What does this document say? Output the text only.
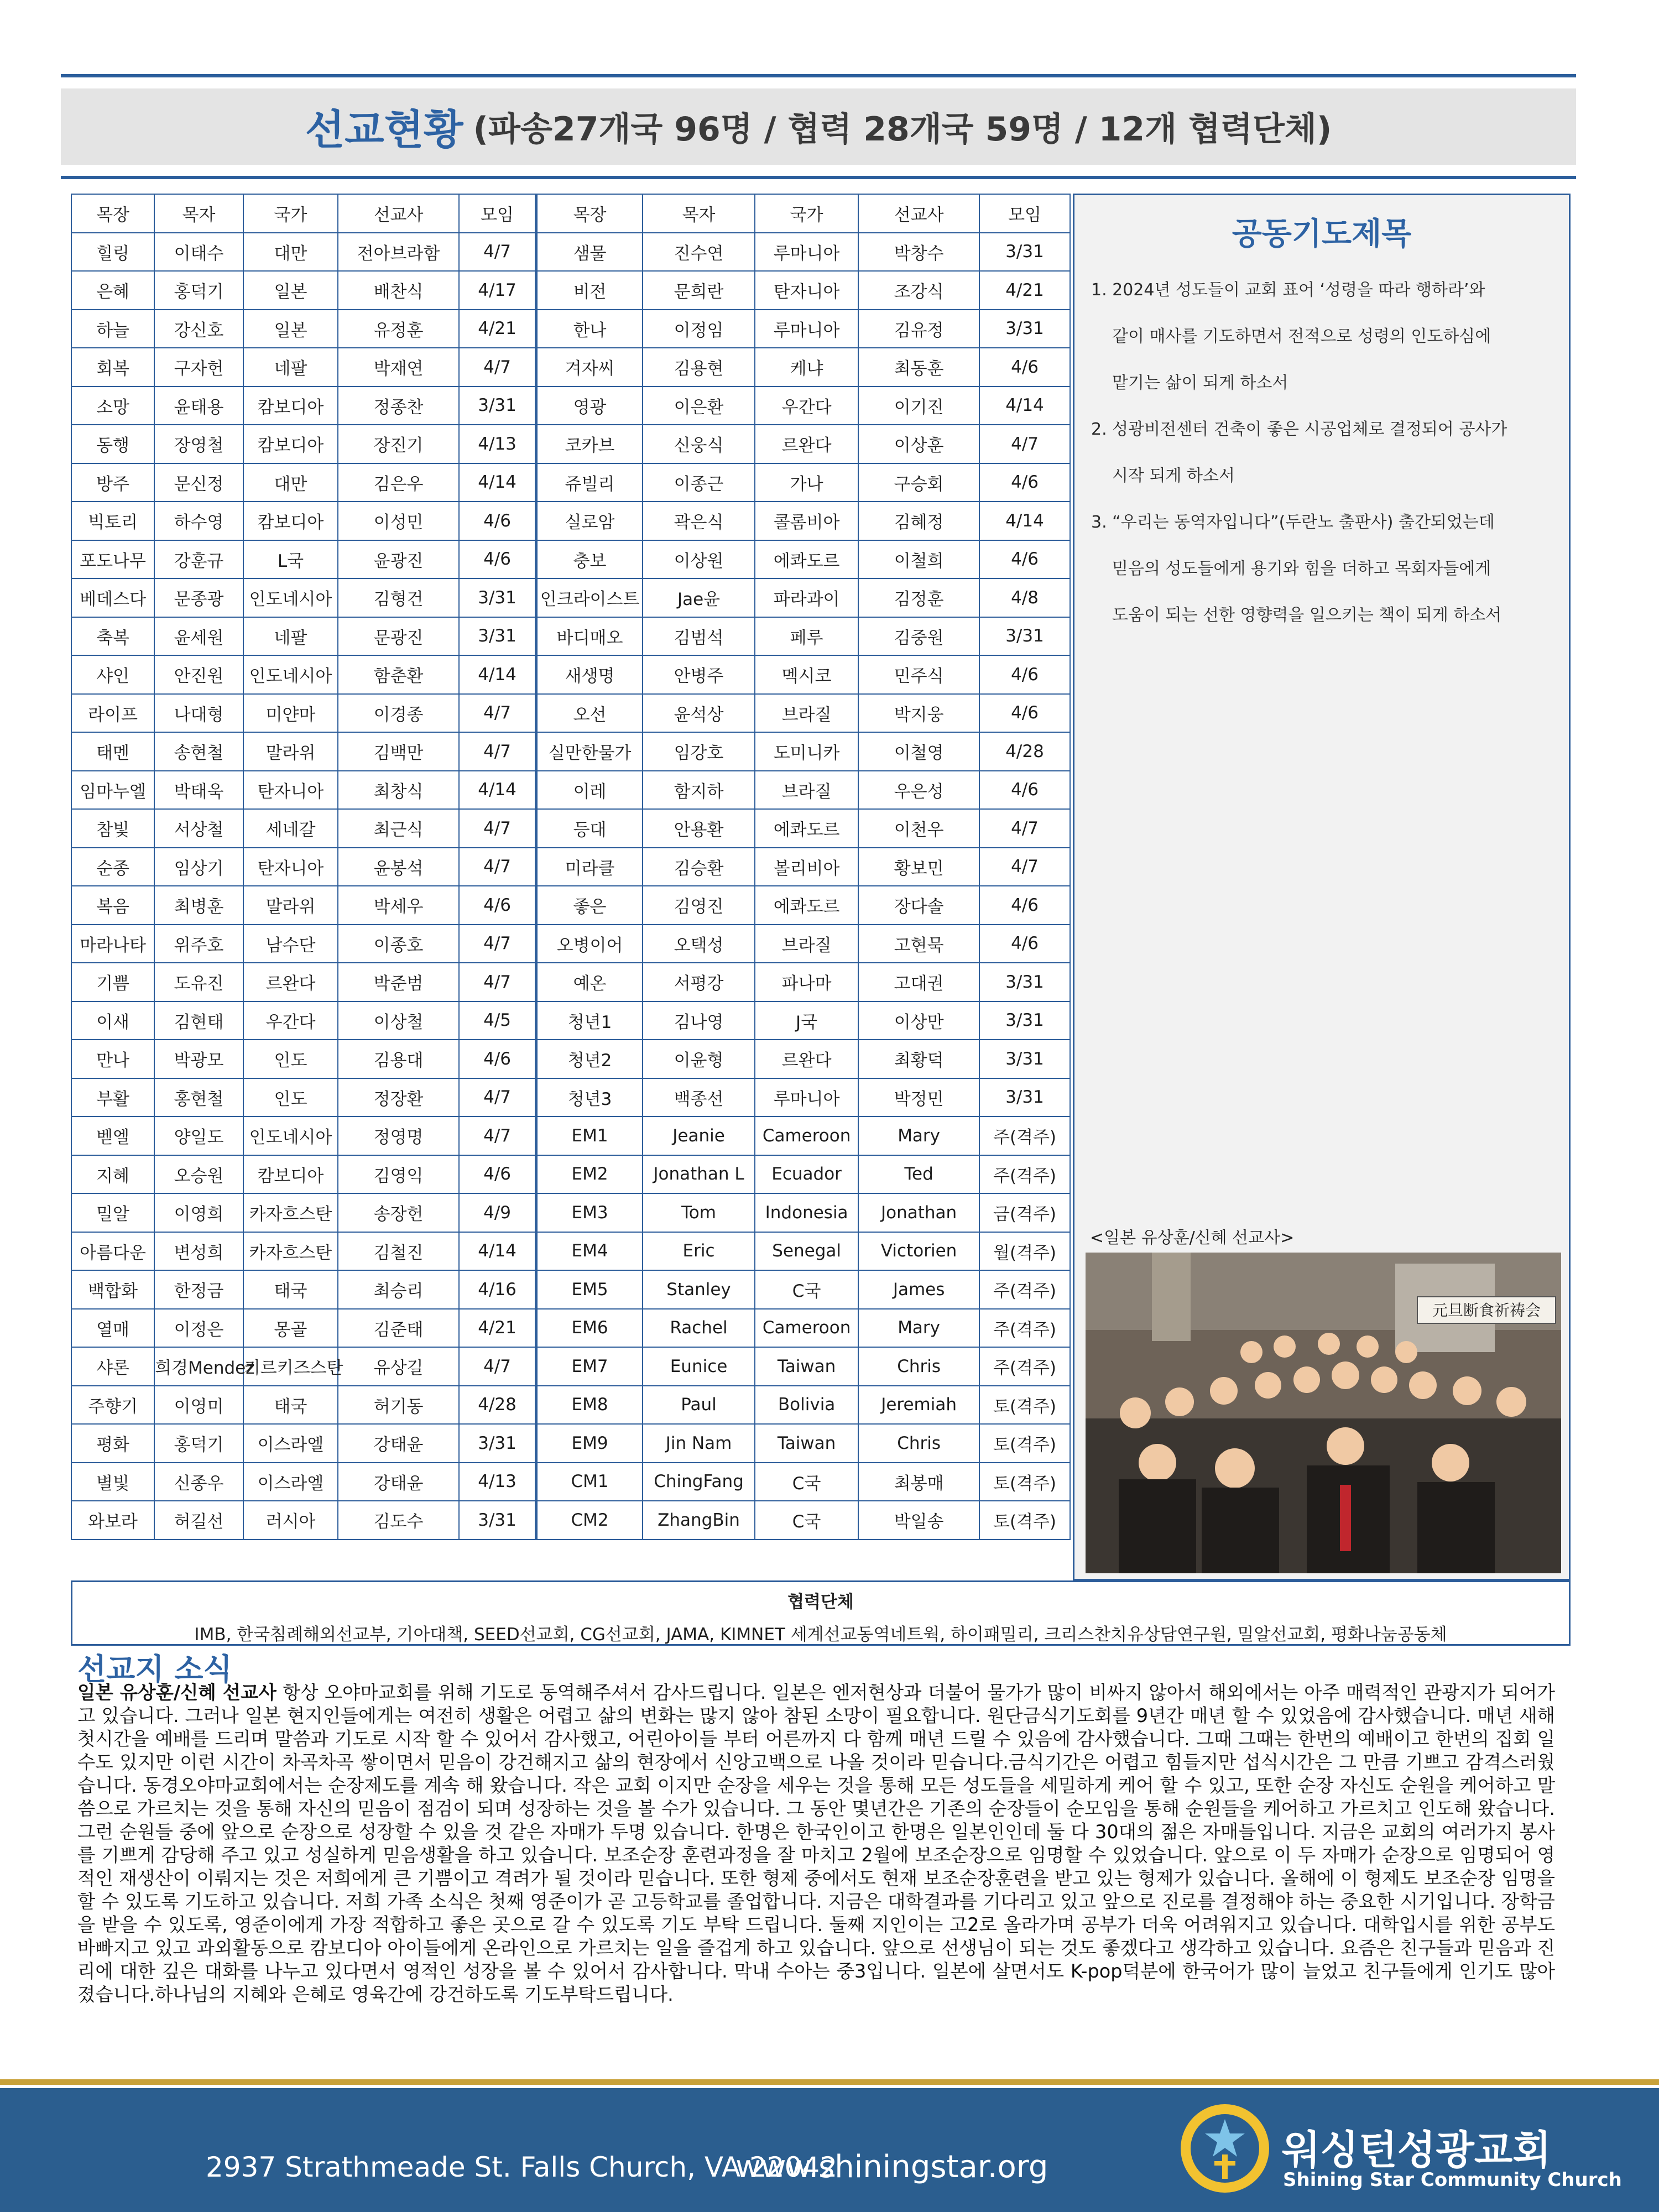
선교현황 (파송27개국 96명 / 협력 28개국 59명 / 12개 협력단체)
목장	목자	국가	선교사	모임	목장	목자	국가	선교사	모임
힐링	이태수	대만	전아브라함	4/7	샘물	진수연	루마니아	박창수	3/31
은혜	홍덕기	일본	배찬식	4/17	비전	문희란	탄자니아	조강식	4/21
하늘	강신호	일본	유정훈	4/21	한나	이정임	루마니아	김유정	3/31
회복	구자헌	네팔	박재연	4/7	겨자씨	김용현	케냐	최동훈	4/6
소망	윤태용	캄보디아	정종찬	3/31	영광	이은환	우간다	이기진	4/14
동행	장영철	캄보디아	장진기	4/13	코카브	신웅식	르완다	이상훈	4/7
방주	문신정	대만	김은우	4/14	쥬빌리	이종근	가나	구승회	4/6
빅토리	하수영	캄보디아	이성민	4/6	실로암	곽은식	콜롬비아	김혜정	4/14
포도나무	강훈규	L국	윤광진	4/6	충보	이상원	에콰도르	이철희	4/6
베데스다	문종광	인도네시아	김형건	3/31	인크라이스트	Jae윤	파라과이	김정훈	4/8
축복	윤세원	네팔	문광진	3/31	바디매오	김범석	페루	김중원	3/31
샤인	안진원	인도네시아	함춘환	4/14	새생명	안병주	멕시코	민주식	4/6
라이프	나대형	미얀마	이경종	4/7	오선	윤석상	브라질	박지웅	4/6
태멘	송현철	말라위	김백만	4/7	실만한물가	임강호	도미니카	이철영	4/28
임마누엘	박태욱	탄자니아	최창식	4/14	이레	함지하	브라질	우은성	4/6
참빛	서상철	세네갈	최근식	4/7	등대	안용환	에콰도르	이천우	4/7
순종	임상기	탄자니아	윤봉석	4/7	미라클	김승환	볼리비아	황보민	4/7
복음	최병훈	말라위	박세우	4/6	좋은	김영진	에콰도르	장다솔	4/6
마라나타	위주호	남수단	이종호	4/7	오병이어	오택성	브라질	고현묵	4/6
기쁨	도유진	르완다	박준범	4/7	예온	서평강	파나마	고대권	3/31
이새	김현태	우간다	이상철	4/5	청년1	김나영	J국	이상만	3/31
만나	박광모	인도	김용대	4/6	청년2	이윤형	르완다	최황덕	3/31
부활	홍현철	인도	정장환	4/7	청년3	백종선	루마니아	박정민	3/31
벧엘	양일도	인도네시아	정영명	4/7	EM1	Jeanie	Cameroon	Mary	주(격주)
지혜	오승원	캄보디아	김영익	4/6	EM2	Jonathan L	Ecuador	Ted	주(격주)
밀알	이영희	카자흐스탄	송장헌	4/9	EM3	Tom	Indonesia	Jonathan	금(격주)
아름다운	변성희	카자흐스탄	김철진	4/14	EM4	Eric	Senegal	Victorien	월(격주)
백합화	한정금	태국	최승리	4/16	EM5	Stanley	C국	James	주(격주)
열매	이정은	몽골	김준태	4/21	EM6	Rachel	Cameroon	Mary	주(격주)
샤론	희경Mendez	키르키즈스탄	유상길	4/7	EM7	Eunice	Taiwan	Chris	주(격주)
주향기	이영미	태국	허기동	4/28	EM8	Paul	Bolivia	Jeremiah	토(격주)
평화	홍덕기	이스라엘	강태윤	3/31	EM9	Jin Nam	Taiwan	Chris	토(격주)
별빛	신종우	이스라엘	강태윤	4/13	CM1	ChingFang	C국	최봉매	토(격주)
와보라	허길선	러시아	김도수	3/31	CM2	ZhangBin	C국	박일송	토(격주)
공동기도제목
1. 2024년 성도들이 교회 표어 ‘성령을 따라 행하라’와
같이 매사를 기도하면서 전적으로 성령의 인도하심에
맡기는 삶이 되게 하소서
2. 성광비전센터 건축이 좋은 시공업체로 결정되어 공사가
시작 되게 하소서
3. “우리는 동역자입니다”(두란노 출판사) 출간되었는데
믿음의 성도들에게 용기와 힘을 더하고 목회자들에게
도움이 되는 선한 영향력을 일으키는 책이 되게 하소서
<일본 유상훈/신혜 선교사>
元旦断食祈祷会
협력단체
IMB, 한국침례해외선교부, 기아대책, SEED선교회, CG선교회, JAMA, KIMNET 세계선교동역네트웍, 하이패밀리, 크리스찬치유상담연구원, 밀알선교회, 평화나눔공동체
선교지 소식
일본 유상훈/신혜 선교사 항상 오야마교회를 위해 기도로 동역해주셔서 감사드립니다. 일본은 엔저현상과 더불어 물가가 많이 비싸지 않아서 해외에서는 아주 매력적인 관광지가 되어가고 있습니다. 그러나 일본 현지인들에게는 여전히 생활은 어렵고 삶의 변화는 많지 않아 참된 소망이 필요합니다. 원단금식기도회를 9년간 매년 할 수 있었음에 감사했습니다. 매년 새해 첫시간을 예배를 드리며 말씀과 기도로 시작 할 수 있어서 감사했고, 어린아이들 부터 어른까지 다 함께 매년 드릴 수 있음에 감사했습니다. 그때 그때는 한번의 예배이고 한번의 집회 일 수도 있지만 이런 시간이 차곡차곡 쌓이면서 믿음이 강건해지고 삶의 현장에서 신앙고백으로 나올 것이라 믿습니다.금식기간은 어렵고 힘들지만 섭식시간은 그 만큼 기쁘고 감격스러웠습니다. 동경오야마교회에서는 순장제도를 계속 해 왔습니다. 작은 교회 이지만 순장을 세우는 것을 통해 모든 성도들을 세밀하게 케어 할 수 있고, 또한 순장 자신도 순원을 케어하고 말씀으로 가르치는 것을 통해 자신의 믿음이 점검이 되며 성장하는 것을 볼 수가 있습니다. 그 동안 몇년간은 기존의 순장들이 순모임을 통해 순원들을 케어하고 가르치고 인도해 왔습니다. 그런 순원들 중에 앞으로 순장으로 성장할 수 있을 것 같은 자매가 두명 있습니다. 한명은 한국인이고 한명은 일본인인데 둘 다 30대의 젊은 자매들입니다. 지금은 교회의 여러가지 봉사를 기쁘게 감당해 주고 있고 성실하게 믿음생활을 하고 있습니다. 보조순장 훈련과정을 잘 마치고 2월에 보조순장으로 임명할 수 있었습니다. 앞으로 이 두 자매가 순장으로 임명되어 영적인 재생산이 이뤄지는 것은 저희에게 큰 기쁨이고 격려가 될 것이라 믿습니다. 또한 형제 중에서도 현재 보조순장훈련을 받고 있는 형제가 있습니다. 올해에 이 형제도 보조순장 임명을 할 수 있도록 기도하고 있습니다. 저희 가족 소식은 첫째 영준이가 곧 고등학교를 졸업합니다. 지금은 대학결과를 기다리고 있고 앞으로 진로를 결정해야 하는 중요한 시기입니다. 장학금을 받을 수 있도록, 영준이에게 가장 적합하고 좋은 곳으로 갈 수 있도록 기도 부탁 드립니다. 둘째 지인이는 고2로 올라가며 공부가 더욱 어려워지고 있습니다. 대학입시를 위한 공부도 바빠지고 있고 과외활동으로 캄보디아 아이들에게 온라인으로 가르치는 일을 즐겁게 하고 있습니다. 앞으로 선생님이 되는 것도 좋겠다고 생각하고 있습니다. 요즘은 친구들과 믿음과 진리에 대한 깊은 대화를 나누고 있다면서 영적인 성장을 볼 수 있어서 감사합니다. 막내 수아는 중3입니다. 일본에 살면서도 K-pop덕분에 한국어가 많이 늘었고 친구들에게 인기도 많아졌습니다.하나님의 지혜와 은혜로 영육간에 강건하도록 기도부탁드립니다.
2937 Strathmeade St. Falls Church, VA 22042
www.shiningstar.org	워싱턴성광교회
Shining Star Community Church
